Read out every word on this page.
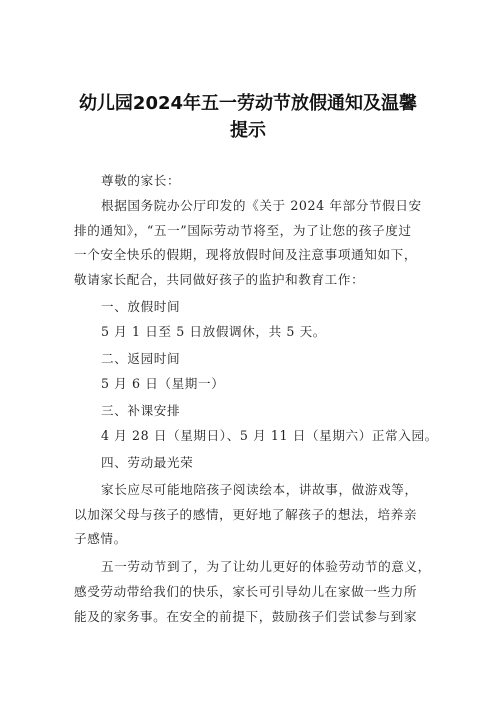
幼儿园2024年五一劳动节放假通知及温馨
提示
尊敬的家长：
根据国务院办公厅印发的《关于 2024 年部分节假日安
排的通知》，“五一”国际劳动节将至，为了让您的孩子度过
一个安全快乐的假期，现将放假时间及注意事项通知如下，
敬请家长配合，共同做好孩子的监护和教育工作：
一、放假时间
5 月 1 日至 5 日放假调休，共 5 天。
二、返园时间
5 月 6 日（星期一）
三、补课安排
4 月 28 日（星期日）、5 月 11 日（星期六）正常入园。
四、劳动最光荣
家长应尽可能地陪孩子阅读绘本，讲故事，做游戏等，
以加深父母与孩子的感情，更好地了解孩子的想法，培养亲
子感情。
五一劳动节到了，为了让幼儿更好的体验劳动节的意义，
感受劳动带给我们的快乐，家长可引导幼儿在家做一些力所
能及的家务事。在安全的前提下，鼓励孩子们尝试参与到家
